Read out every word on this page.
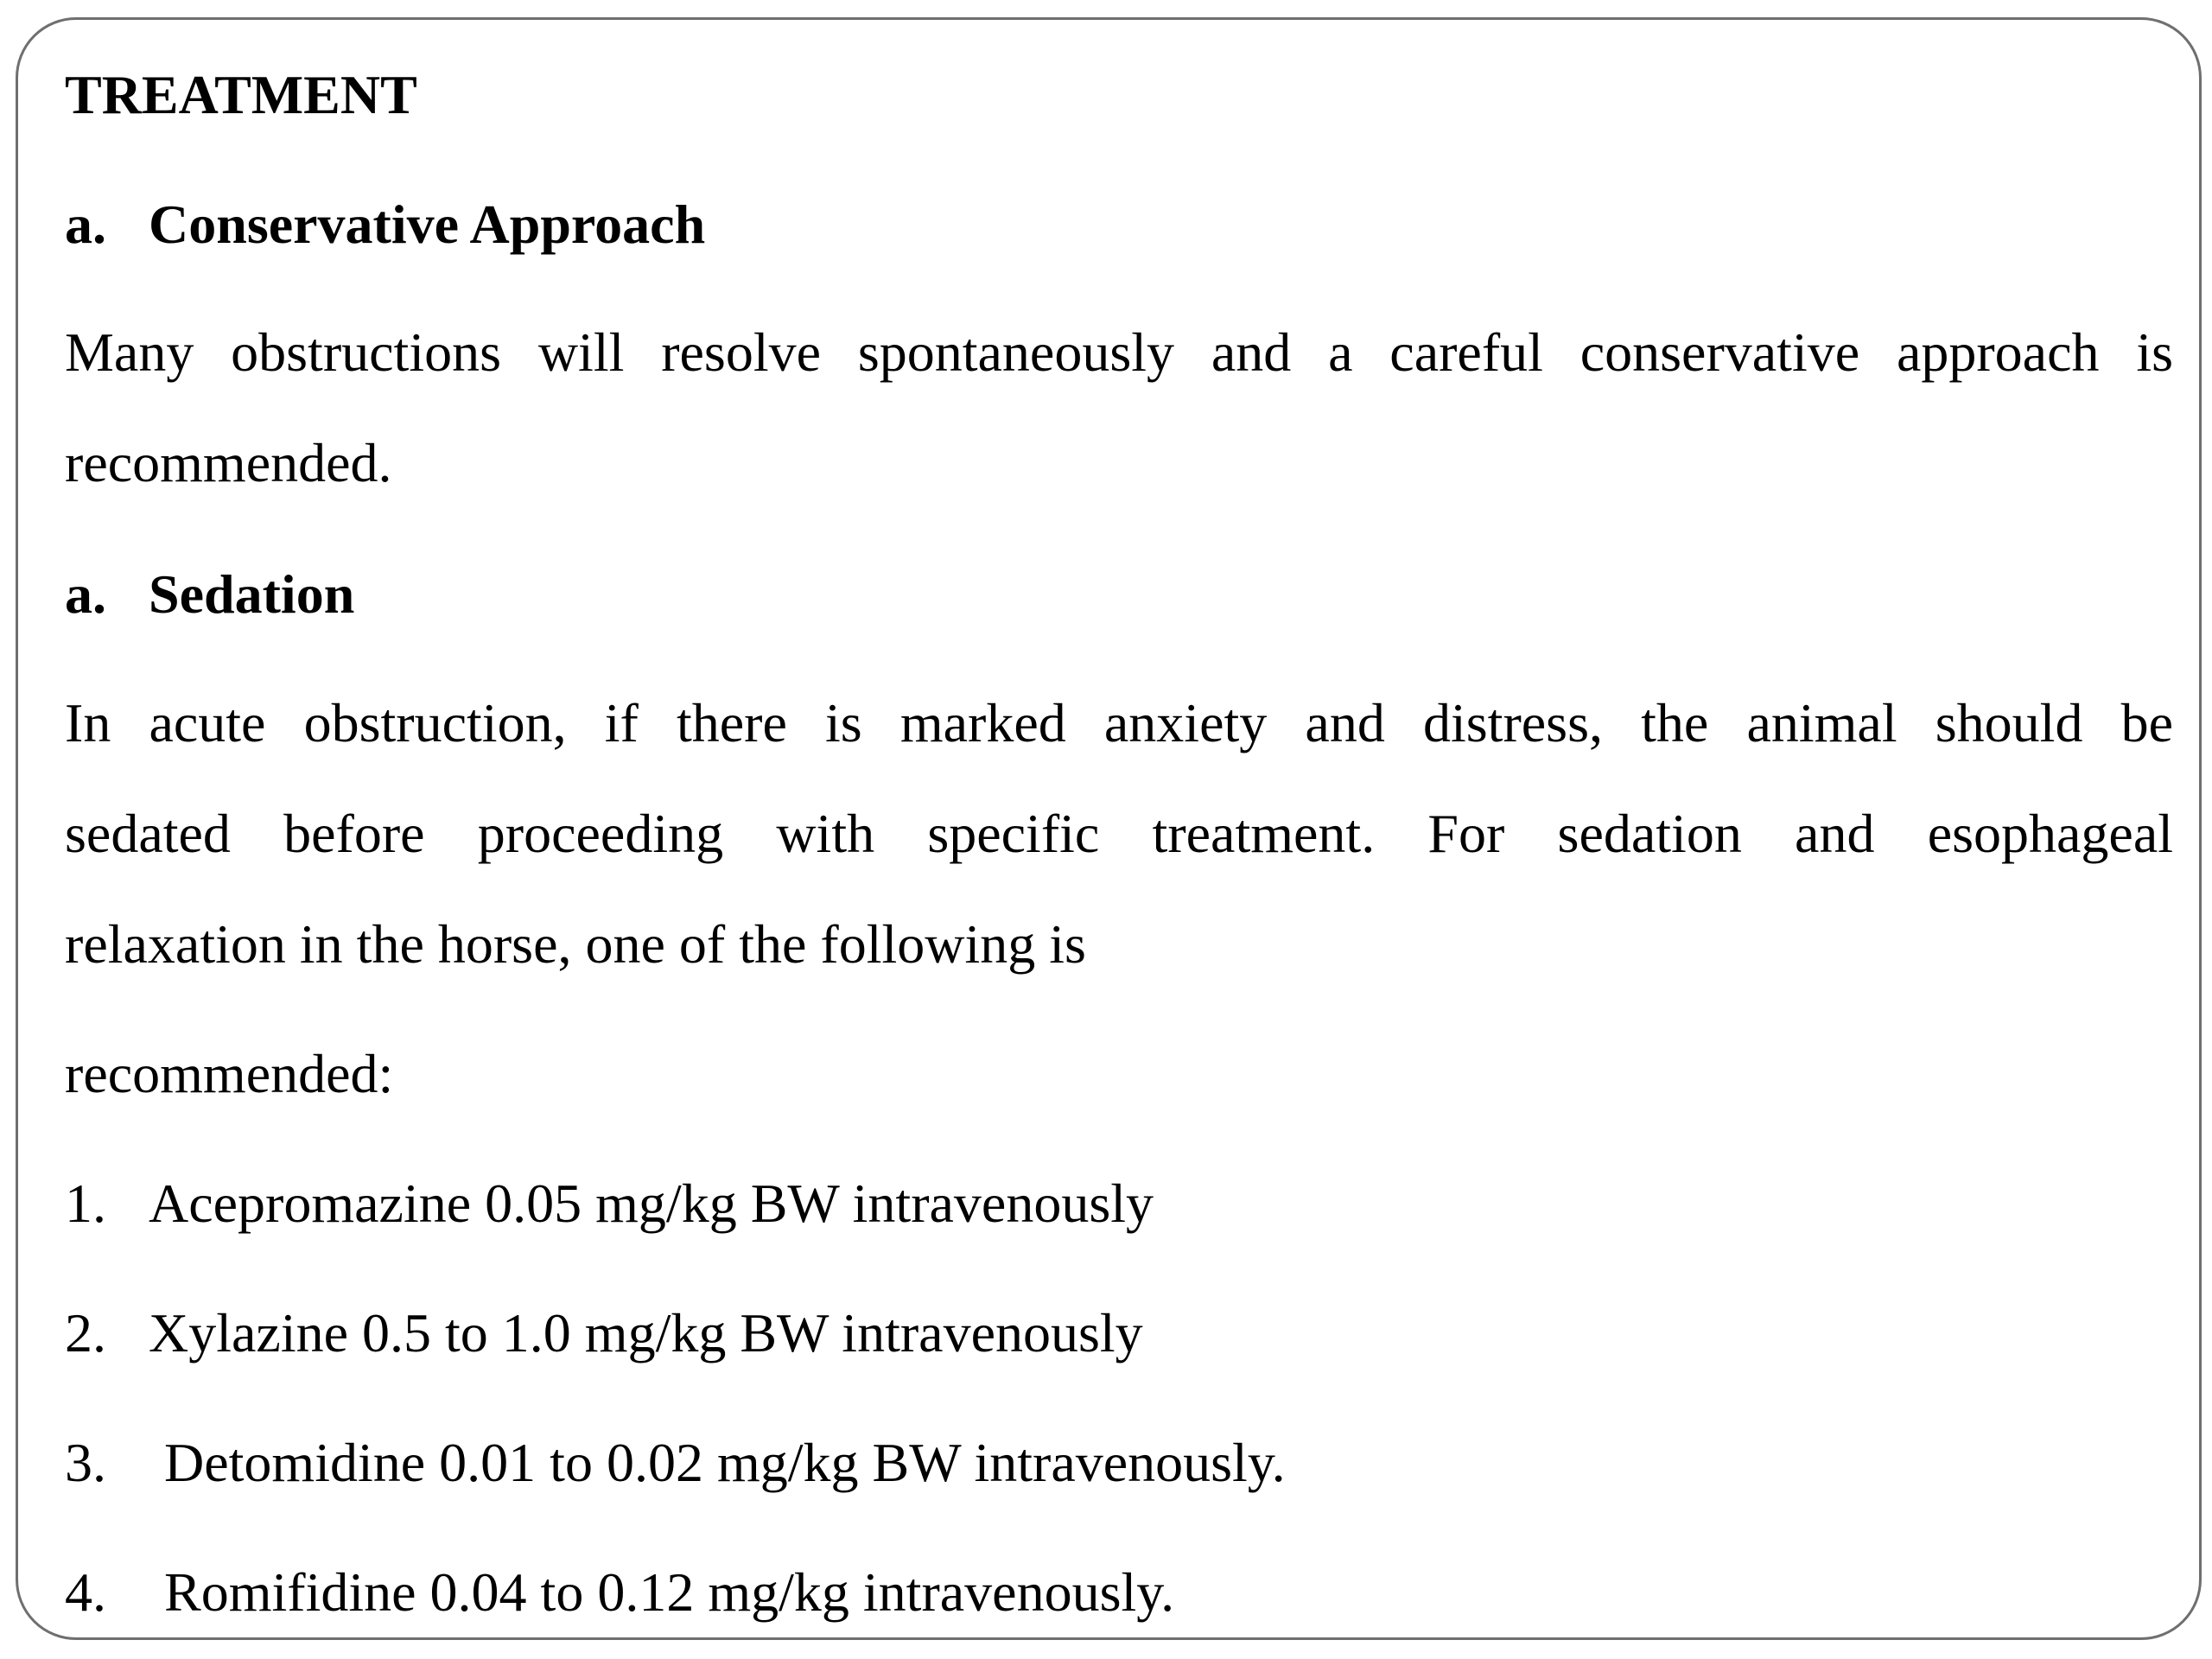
TREATMENT
a. Conservative Approach
Many obstructions will resolve spontaneously and a careful conservative approach is
recommended.
a. Sedation
In acute obstruction, if there is marked anxiety and distress, the animal should be
sedated before proceeding with specific treatment. For sedation and esophageal
relaxation in the horse, one of the following is
recommended:
1. Acepromazine 0.05 mg/kg BW intravenously
2. Xylazine 0.5 to 1.0 mg/kg BW intravenously
3. Detomidine 0.01 to 0.02 mg/kg BW intravenously.
4. Romifidine 0.04 to 0.12 mg/kg intravenously.
